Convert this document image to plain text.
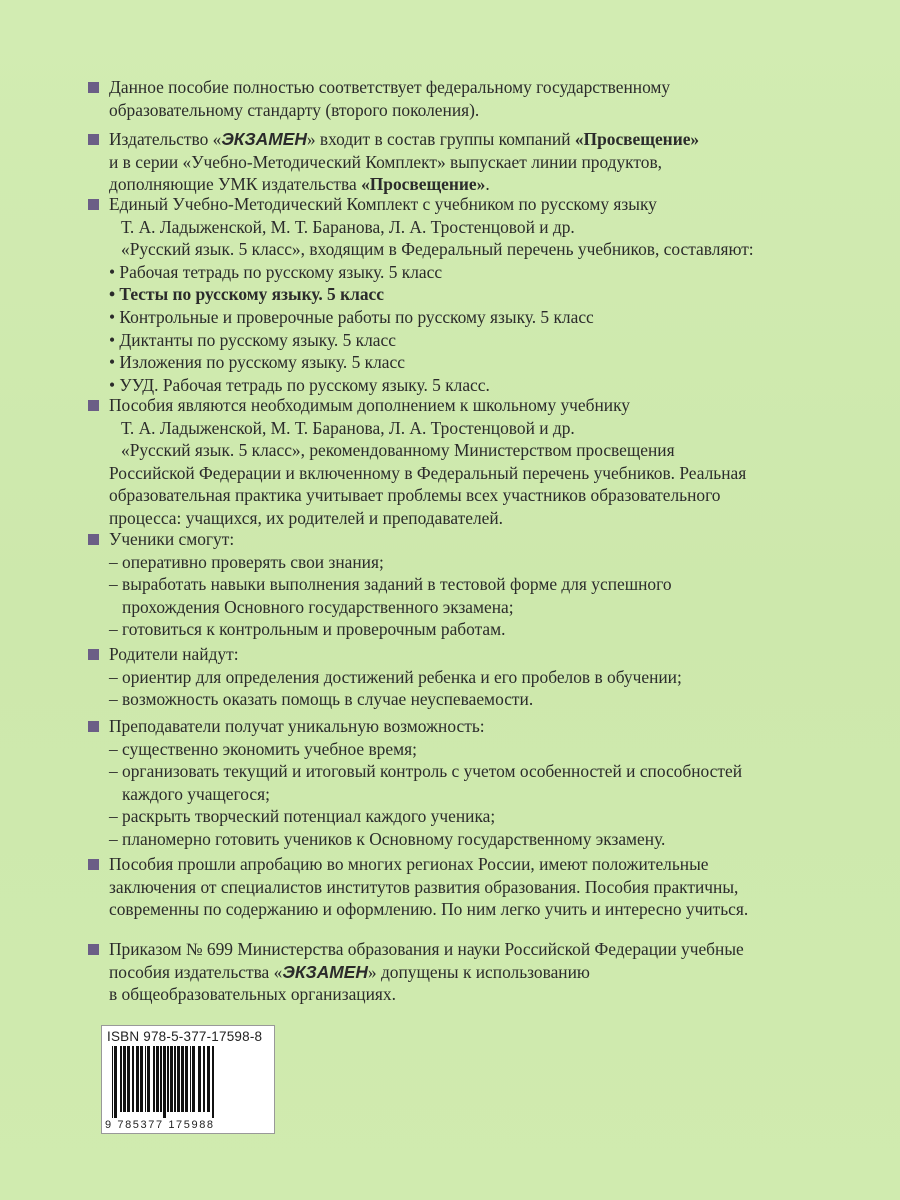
Данное пособие полностью соответствует федеральному государственному
образовательному стандарту (второго поколения).
Издательство «ЭКЗАМЕН» входит в состав группы компаний «Просвещение»
и в серии «Учебно-Методический Комплект» выпускает линии продуктов,
дополняющие УМК издательства «Просвещение».
Единый Учебно-Методический Комплект с учебником по русскому языку
Т. А. Ладыженской, М. Т. Баранова, Л. А. Тростенцовой и др.
«Русский язык. 5 класс», входящим в Федеральный перечень учебников, составляют:
• Рабочая тетрадь по русскому языку. 5 класс
• Тесты по русскому языку. 5 класс
• Контрольные и проверочные работы по русскому языку. 5 класс
• Диктанты по русскому языку. 5 класс
• Изложения по русскому языку. 5 класс
• УУД. Рабочая тетрадь по русскому языку. 5 класс.
Пособия являются необходимым дополнением к школьному учебнику
Т. А. Ладыженской, М. Т. Баранова, Л. А. Тростенцовой и др.
«Русский язык. 5 класс», рекомендованному Министерством просвещения
Российской Федерации и включенному в Федеральный перечень учебников. Реальная
образовательная практика учитывает проблемы всех участников образовательного
процесса: учащихся, их родителей и преподавателей.
Ученики смогут:
– оперативно проверять свои знания;
– выработать навыки выполнения заданий в тестовой форме для успешного
прохождения Основного государственного экзамена;
– готовиться к контрольным и проверочным работам.
Родители найдут:
– ориентир для определения достижений ребенка и его пробелов в обучении;
– возможность оказать помощь в случае неуспеваемости.
Преподаватели получат уникальную возможность:
– существенно экономить учебное время;
– организовать текущий и итоговый контроль с учетом особенностей и способностей
каждого учащегося;
– раскрыть творческий потенциал каждого ученика;
– планомерно готовить учеников к Основному государственному экзамену.
Пособия прошли апробацию во многих регионах России, имеют положительные
заключения от специалистов институтов развития образования. Пособия практичны,
современны по содержанию и оформлению. По ним легко учить и интересно учиться.
Приказом № 699 Министерства образования и науки Российской Федерации учебные
пособия издательства «ЭКЗАМЕН» допущены к использованию
в общеобразовательных организациях.
ISBN 978-5-377-17598-8
9 785377 175988
